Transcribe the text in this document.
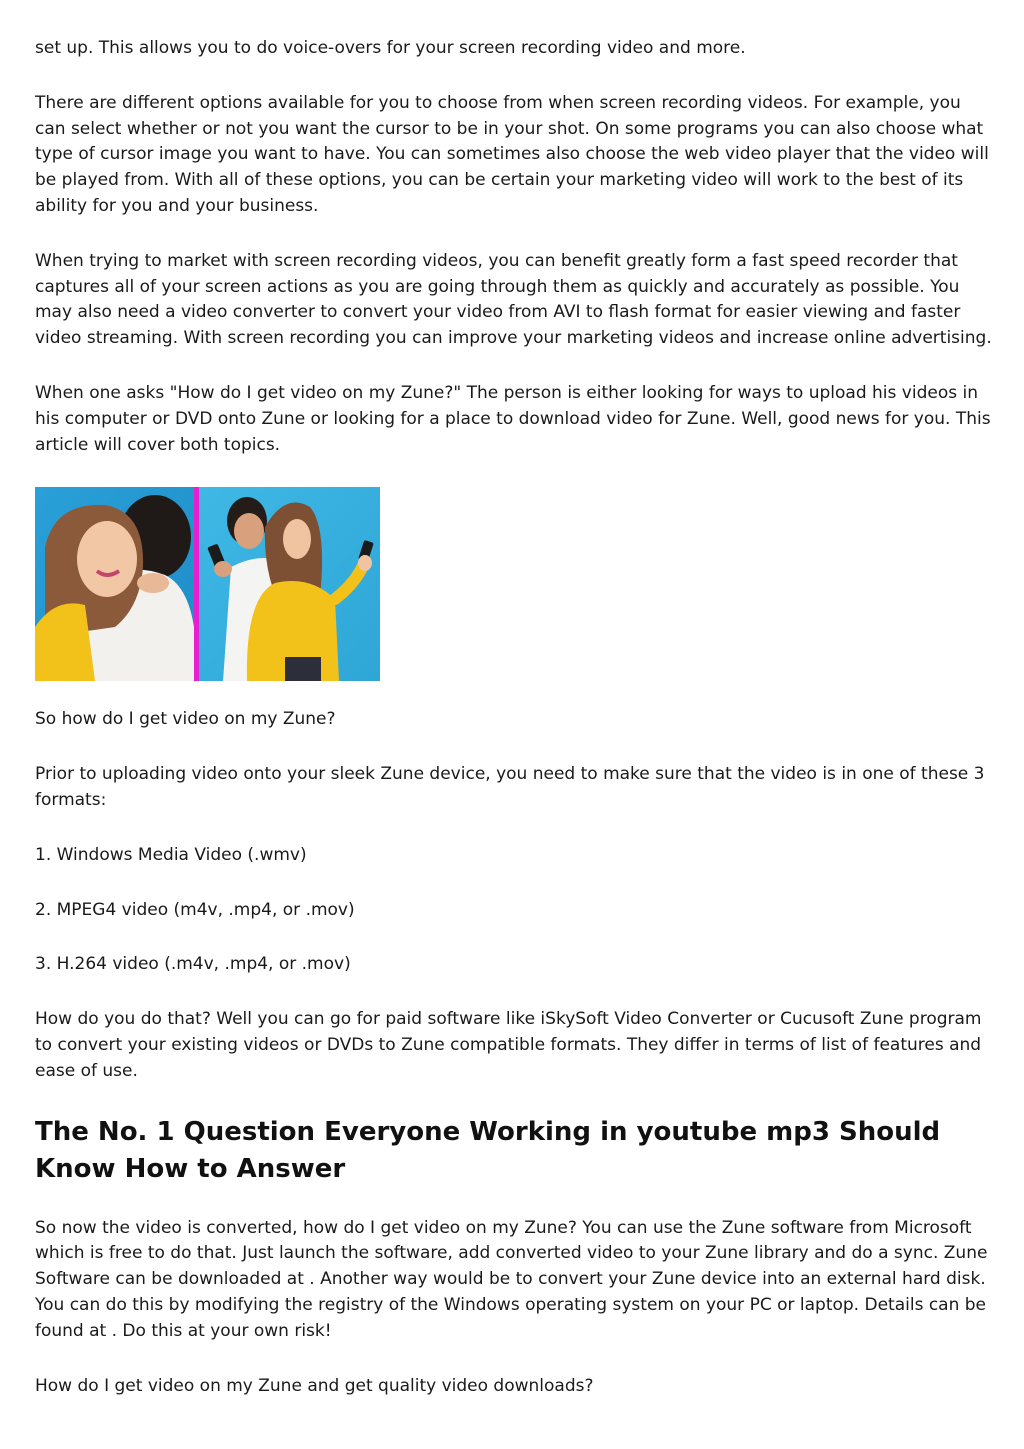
set up. This allows you to do voice-overs for your screen recording video and more.

There are different options available for you to choose from when screen recording videos. For example, you can select whether or not you want the cursor to be in your shot. On some programs you can also choose what type of cursor image you want to have. You can sometimes also choose the web video player that the video will be played from. With all of these options, you can be certain your marketing video will work to the best of its ability for you and your business.

When trying to market with screen recording videos, you can benefit greatly form a fast speed recorder that captures all of your screen actions as you are going through them as quickly and accurately as possible. You may also need a video converter to convert your video from AVI to flash format for easier viewing and faster video streaming. With screen recording you can improve your marketing videos and increase online advertising.

When one asks "How do I get video on my Zune?" The person is either looking for ways to upload his videos in his computer or DVD onto Zune or looking for a place to download video for Zune. Well, good news for you. This article will cover both topics.

So how do I get video on my Zune?

Prior to uploading video onto your sleek Zune device, you need to make sure that the video is in one of these 3 formats:

1. Windows Media Video (.wmv)

2. MPEG4 video (m4v, .mp4, or .mov)

3. H.264 video (.m4v, .mp4, or .mov)

How do you do that? Well you can go for paid software like iSkySoft Video Converter or Cucusoft Zune program to convert your existing videos or DVDs to Zune compatible formats. They differ in terms of list of features and ease of use.

The No. 1 Question Everyone Working in youtube mp3 Should Know How to Answer

So now the video is converted, how do I get video on my Zune? You can use the Zune software from Microsoft which is free to do that. Just launch the software, add converted video to your Zune library and do a sync. Zune Software can be downloaded at . Another way would be to convert your Zune device into an external hard disk. You can do this by modifying the registry of the Windows operating system on your PC or laptop. Details can be found at . Do this at your own risk!

How do I get video on my Zune and get quality video downloads?
